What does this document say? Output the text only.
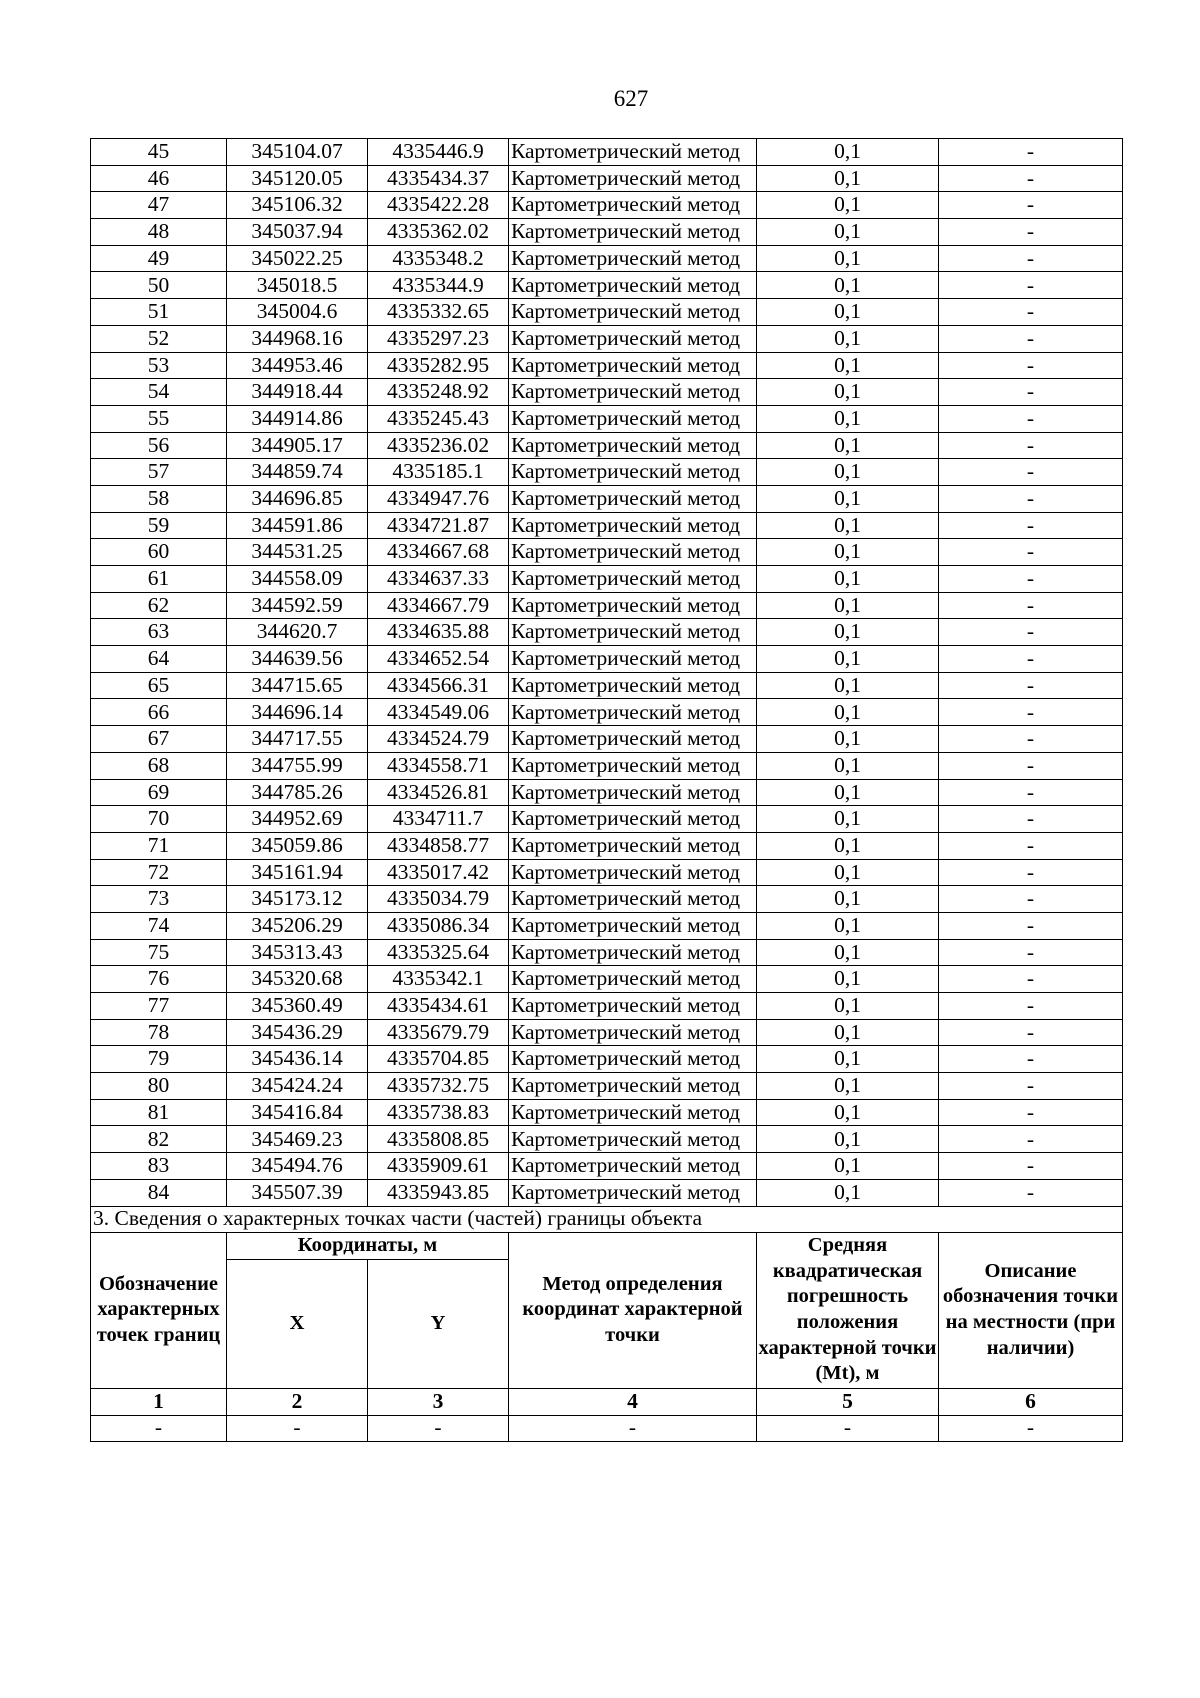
627
45	345104.07	4335446.9	Картометрический метод	0,1	-
46	345120.05	4335434.37	Картометрический метод	0,1	-
47	345106.32	4335422.28	Картометрический метод	0,1	-
48	345037.94	4335362.02	Картометрический метод	0,1	-
49	345022.25	4335348.2	Картометрический метод	0,1	-
50	345018.5	4335344.9	Картометрический метод	0,1	-
51	345004.6	4335332.65	Картометрический метод	0,1	-
52	344968.16	4335297.23	Картометрический метод	0,1	-
53	344953.46	4335282.95	Картометрический метод	0,1	-
54	344918.44	4335248.92	Картометрический метод	0,1	-
55	344914.86	4335245.43	Картометрический метод	0,1	-
56	344905.17	4335236.02	Картометрический метод	0,1	-
57	344859.74	4335185.1	Картометрический метод	0,1	-
58	344696.85	4334947.76	Картометрический метод	0,1	-
59	344591.86	4334721.87	Картометрический метод	0,1	-
60	344531.25	4334667.68	Картометрический метод	0,1	-
61	344558.09	4334637.33	Картометрический метод	0,1	-
62	344592.59	4334667.79	Картометрический метод	0,1	-
63	344620.7	4334635.88	Картометрический метод	0,1	-
64	344639.56	4334652.54	Картометрический метод	0,1	-
65	344715.65	4334566.31	Картометрический метод	0,1	-
66	344696.14	4334549.06	Картометрический метод	0,1	-
67	344717.55	4334524.79	Картометрический метод	0,1	-
68	344755.99	4334558.71	Картометрический метод	0,1	-
69	344785.26	4334526.81	Картометрический метод	0,1	-
70	344952.69	4334711.7	Картометрический метод	0,1	-
71	345059.86	4334858.77	Картометрический метод	0,1	-
72	345161.94	4335017.42	Картометрический метод	0,1	-
73	345173.12	4335034.79	Картометрический метод	0,1	-
74	345206.29	4335086.34	Картометрический метод	0,1	-
75	345313.43	4335325.64	Картометрический метод	0,1	-
76	345320.68	4335342.1	Картометрический метод	0,1	-
77	345360.49	4335434.61	Картометрический метод	0,1	-
78	345436.29	4335679.79	Картометрический метод	0,1	-
79	345436.14	4335704.85	Картометрический метод	0,1	-
80	345424.24	4335732.75	Картометрический метод	0,1	-
81	345416.84	4335738.83	Картометрический метод	0,1	-
82	345469.23	4335808.85	Картометрический метод	0,1	-
83	345494.76	4335909.61	Картометрический метод	0,1	-
84	345507.39	4335943.85	Картометрический метод	0,1	-
3. Сведения о характерных точках части (частей) границы объекта					
Обозначение характерных точек границ	Координаты, м		Метод определения координат характерной точки	Средняя квадратическая погрешность положения характерной точки (Mt), м	Описание обозначения точки на местности (при наличии)
	X	Y			
1	2	3	4	5	6
-	-	-	-	-	-
